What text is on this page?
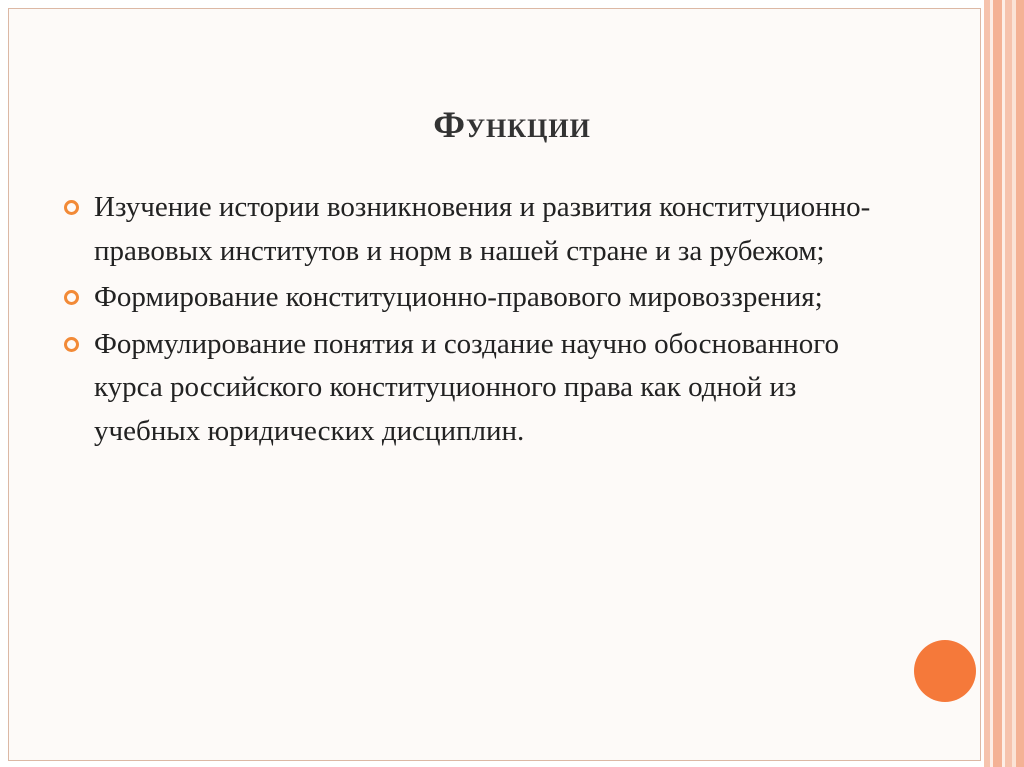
Функции
Изучение истории возникновения и развития конституционно-правовых институтов и норм в нашей стране и за рубежом;
Формирование конституционно-правового мировоззрения;
Формулирование понятия и создание научно обоснованного курса российского конституционного права как одной из учебных юридических дисциплин.
